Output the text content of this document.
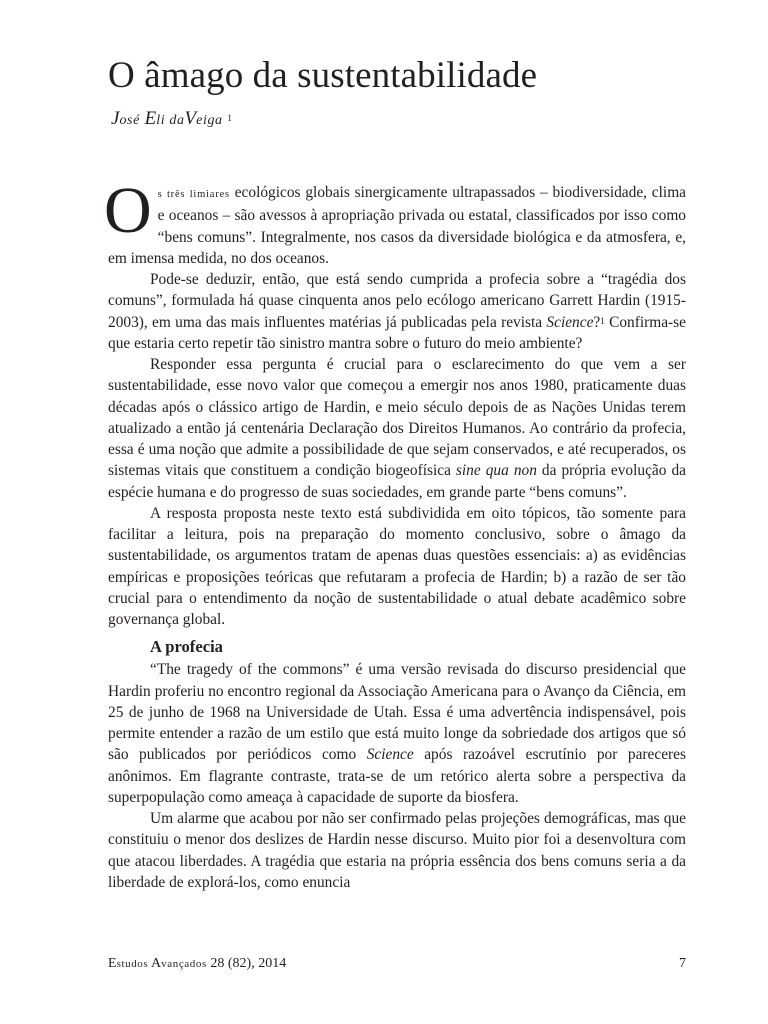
O âmago da sustentabilidade
José Eli daVeiga $^1$

Os três limiares ecológicos globais sinergicamente ultrapassados – biodiversidade, clima e oceanos – são avessos à apropriação privada ou estatal, classificados por isso como “bens comuns”. Integralmente, nos casos da diversidade biológica e da atmosfera, e, em imensa medida, no dos oceanos.

Pode-se deduzir, então, que está sendo cumprida a profecia sobre a “tragédia dos comuns”, formulada há quase cinquenta anos pelo ecólogo americano Garrett Hardin (1915-2003), em uma das mais influentes matérias já publicadas pela revista Science?$^1$ Confirma-se que estaria certo repetir tão sinistro mantra sobre o futuro do meio ambiente?

Responder essa pergunta é crucial para o esclarecimento do que vem a ser sustentabilidade, esse novo valor que começou a emergir nos anos 1980, praticamente duas décadas após o clássico artigo de Hardin, e meio século depois de as Nações Unidas terem atualizado a então já centenária Declaração dos Direitos Humanos. Ao contrário da profecia, essa é uma noção que admite a possibilidade de que sejam conservados, e até recuperados, os sistemas vitais que constituem a condição biogeofísica sine qua non da própria evolução da espécie humana e do progresso de suas sociedades, em grande parte “bens comuns”.

A resposta proposta neste texto está subdividida em oito tópicos, tão somente para facilitar a leitura, pois na preparação do momento conclusivo, sobre o âmago da sustentabilidade, os argumentos tratam de apenas duas questões essenciais: a) as evidências empíricas e proposições teóricas que refutaram a profecia de Hardin; b) a razão de ser tão crucial para o entendimento da noção de sustentabilidade o atual debate acadêmico sobre governança global.

A profecia

“The tragedy of the commons” é uma versão revisada do discurso presidencial que Hardin proferiu no encontro regional da Associação Americana para o Avanço da Ciência, em 25 de junho de 1968 na Universidade de Utah. Essa é uma advertência indispensável, pois permite entender a razão de um estilo que está muito longe da sobriedade dos artigos que só são publicados por periódicos como Science após razoável escrutínio por pareceres anônimos. Em flagrante contraste, trata-se de um retórico alerta sobre a perspectiva da superpopulação como ameaça à capacidade de suporte da biosfera.

Um alarme que acabou por não ser confirmado pelas projeções demográficas, mas que constituiu o menor dos deslizes de Hardin nesse discurso. Muito pior foi a desenvoltura com que atacou liberdades. A tragédia que estaria na própria essência dos bens comuns seria a da liberdade de explorá-los, como enuncia

Estudos Avançados 28 (82), 2014	7
